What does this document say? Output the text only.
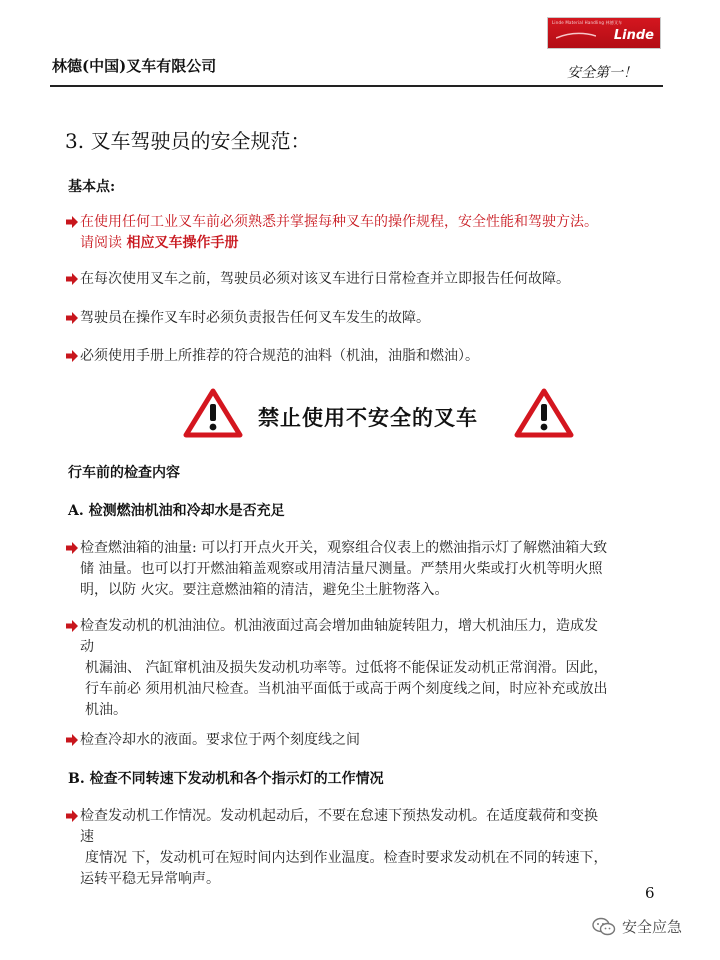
林德(中国)叉车有限公司
Linde Material Handling 林德叉车
Linde
安全第一！
3. 叉车驾驶员的安全规范：
基本点:
在使用任何工业叉车前必须熟悉并掌握每种叉车的操作规程，安全性能和驾驶方法。
请阅读 相应叉车操作手册
在每次使用叉车之前，驾驶员必须对该叉车进行日常检查并立即报告任何故障。
驾驶员在操作叉车时必须负责报告任何叉车发生的故障。
必须使用手册上所推荐的符合规范的油料（机油，油脂和燃油）。
禁止使用不安全的叉车
行车前的检查内容
A. 检测燃油机油和冷却水是否充足
检查燃油箱的油量: 可以打开点火开关，观察组合仪表上的燃油指示灯了解燃油箱大致
储 油量。也可以打开燃油箱盖观察或用清洁量尺测量。严禁用火柴或打火机等明火照
明，以防 火灾。要注意燃油箱的清洁，避免尘土脏物落入。
检查发动机的机油油位。机油液面过高会增加曲轴旋转阻力，增大机油压力，造成发
动
机漏油、 汽缸窜机油及损失发动机功率等。过低将不能保证发动机正常润滑。因此，
行车前必 须用机油尺检查。当机油平面低于或高于两个刻度线之间，时应补充或放出
机油。
检查冷却水的液面。要求位于两个刻度线之间
B. 检查不同转速下发动机和各个指示灯的工作情况
检查发动机工作情况。发动机起动后，不要在怠速下预热发动机。在适度载荷和变换
速
度情况 下，发动机可在短时间内达到作业温度。检查时要求发动机在不同的转速下，
运转平稳无异常响声。
6
安全应急
